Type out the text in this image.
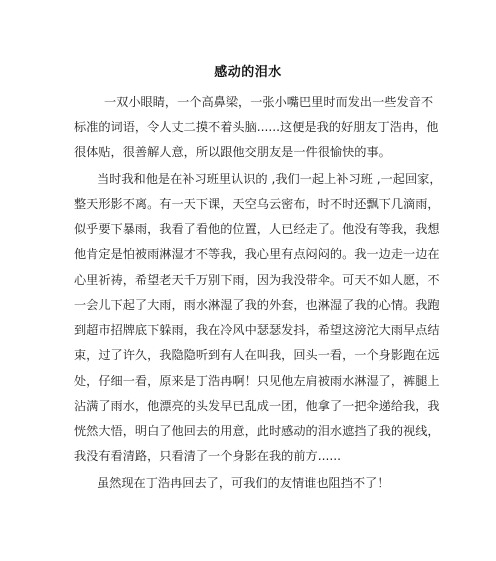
感动的泪水
一双小眼睛，一个高鼻梁，一张小嘴巴里时而发出一些发音不
标准的词语，令人丈二摸不着头脑......这便是我的好朋友丁浩冉，他
很体贴，很善解人意，所以跟他交朋友是一件很愉快的事。
当时我和他是在补习班里认识的 ,我们一起上补习班 ,一起回家，
整天形影不离。有一天下课，天空乌云密布，时不时还飘下几滴雨，
似乎要下暴雨，我看了看他的位置，人已经走了。他没有等我，我想
他肯定是怕被雨淋湿才不等我，我心里有点闷闷的。我一边走一边在
心里祈祷，希望老天千万别下雨，因为我没带伞。可天不如人愿，不
一会儿下起了大雨，雨水淋湿了我的外套，也淋湿了我的心情。我跑
到超市招牌底下躲雨，我在冷风中瑟瑟发抖，希望这滂沱大雨早点结
束，过了许久，我隐隐听到有人在叫我，回头一看，一个身影跑在远
处，仔细一看，原来是丁浩冉啊！只见他左肩被雨水淋湿了，裤腿上
沾满了雨水，他漂亮的头发早已乱成一团，他拿了一把伞递给我，我
恍然大悟，明白了他回去的用意，此时感动的泪水遮挡了我的视线，
我没有看清路，只看清了一个身影在我的前方......
虽然现在丁浩冉回去了，可我们的友情谁也阻挡不了！
